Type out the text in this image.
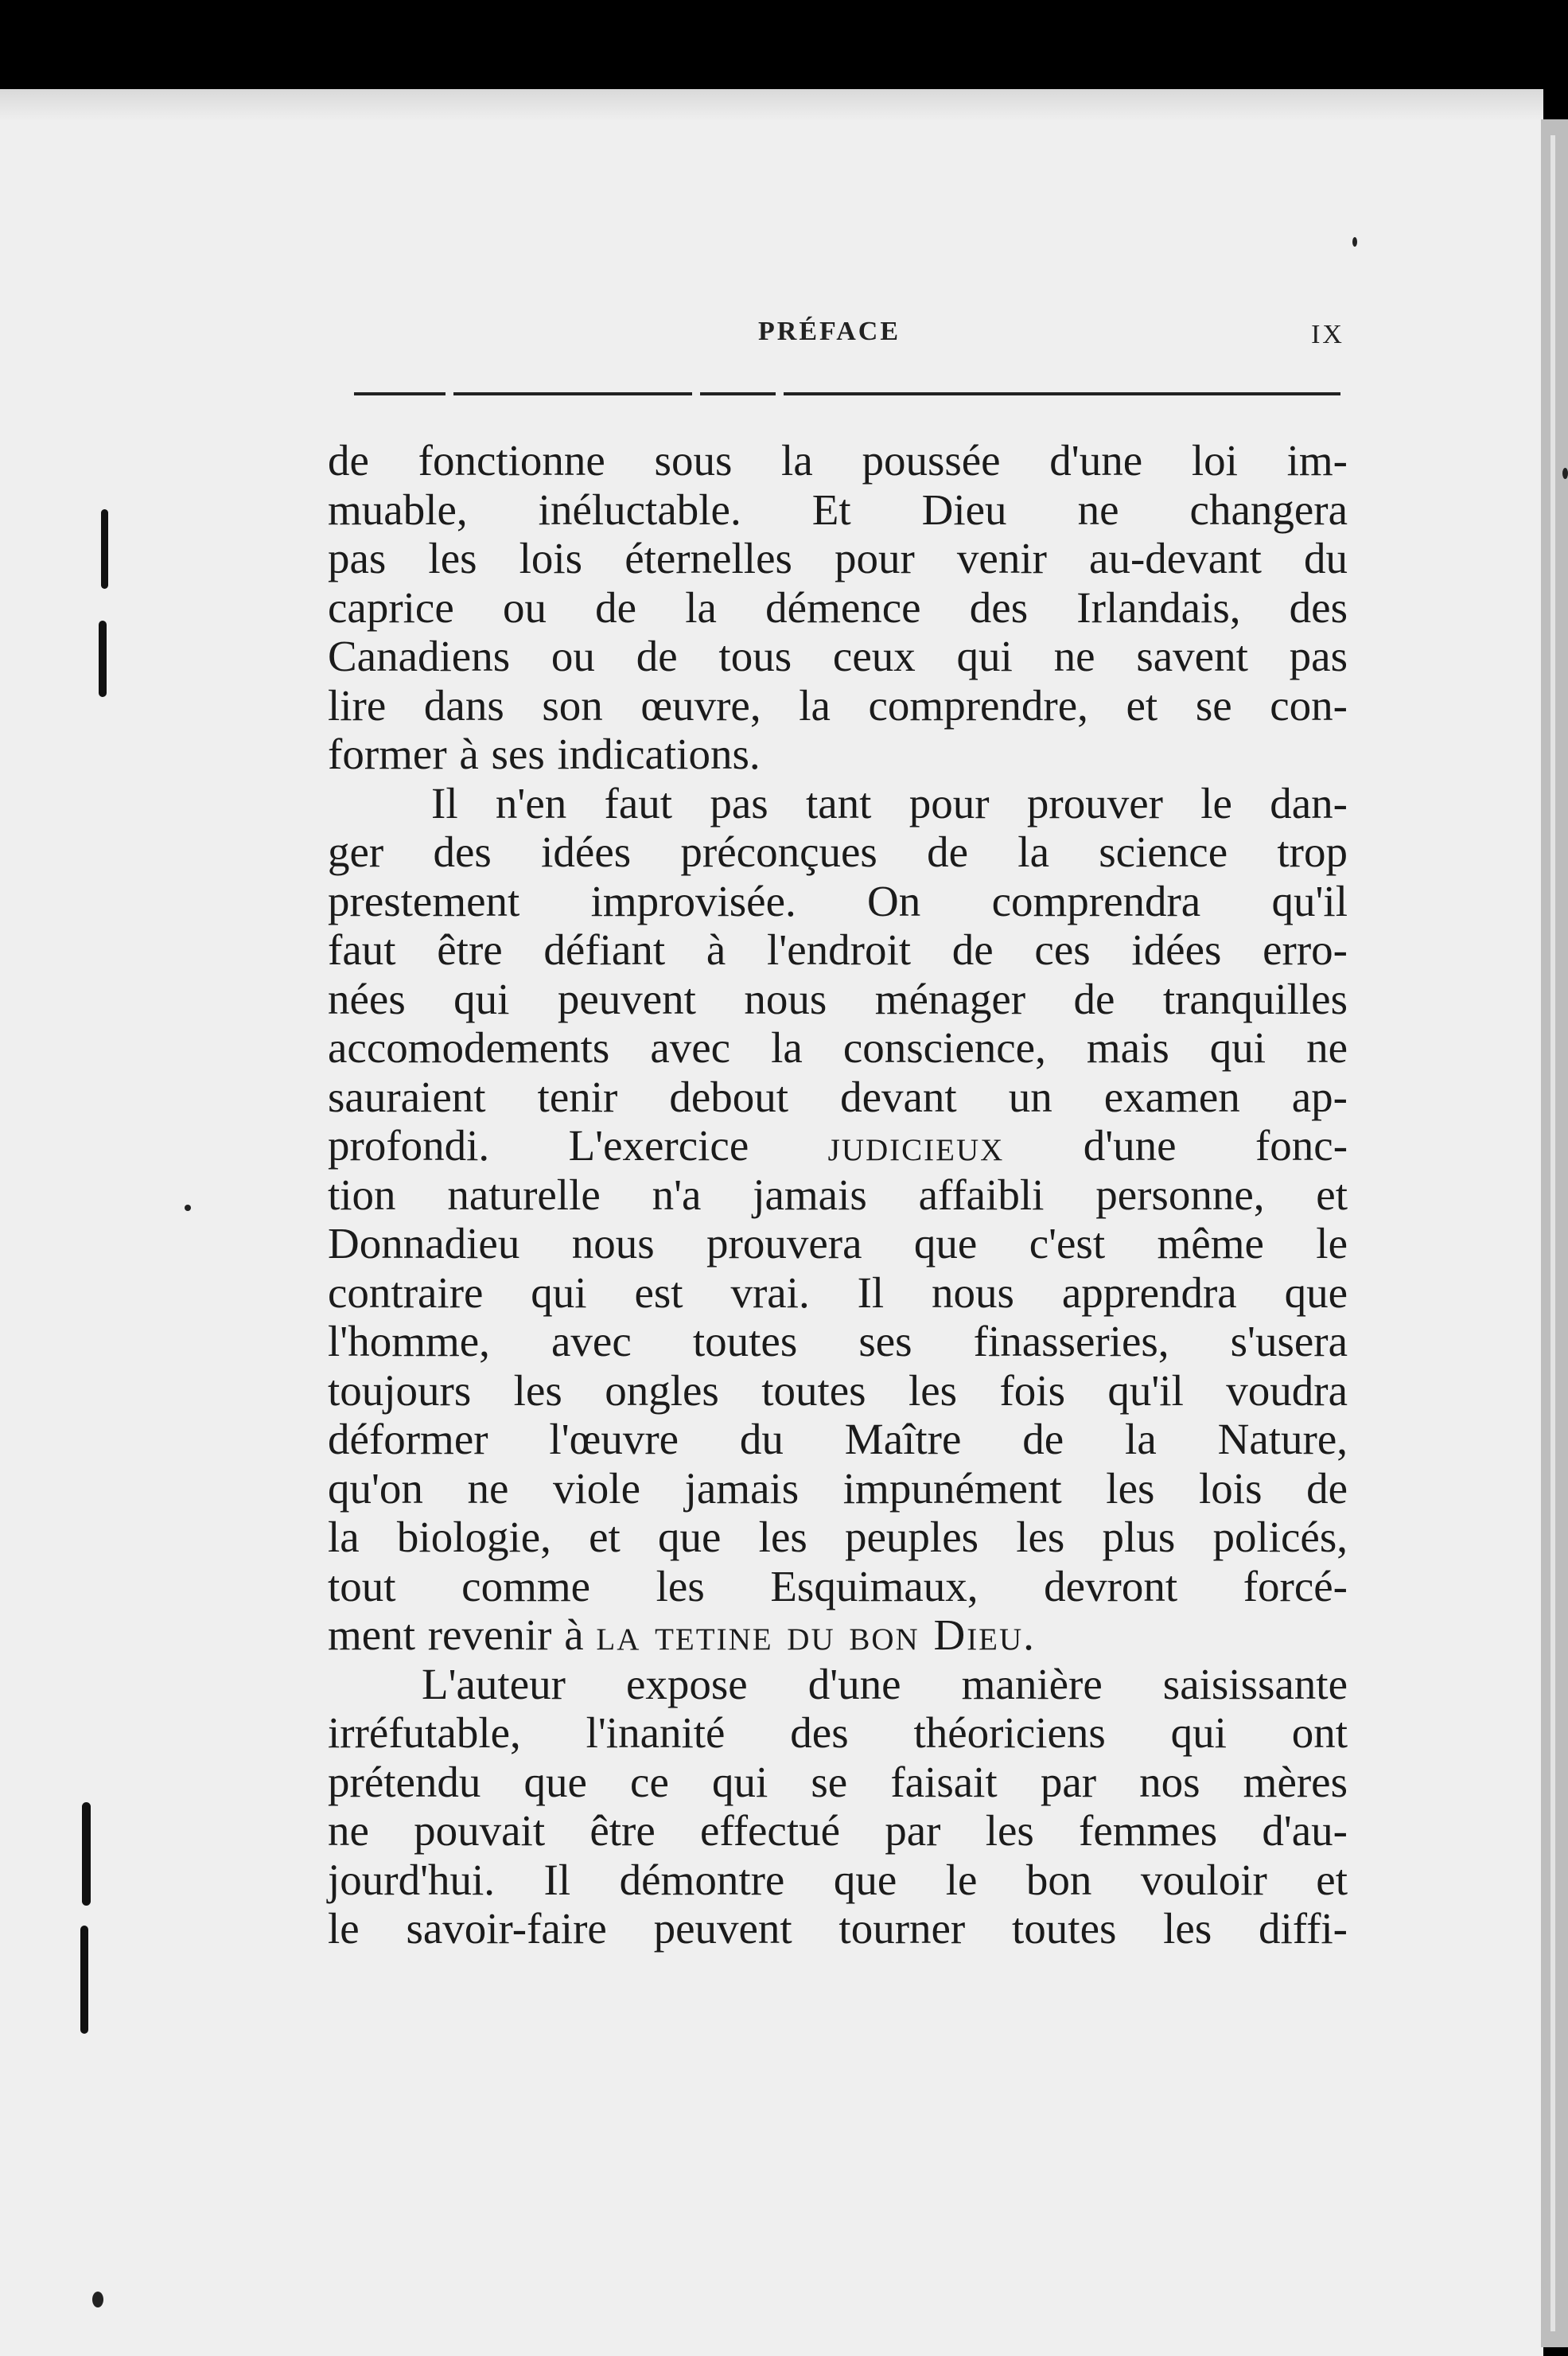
PRÉFACE	IX
de fonctionne sous la poussée d'une loi im-
muable, inéluctable. Et Dieu ne changera
pas les lois éternelles pour venir au-devant du
caprice ou de la démence des Irlandais, des
Canadiens ou de tous ceux qui ne savent pas
lire dans son œuvre, la comprendre, et se con-
former à ses indications.
Il n'en faut pas tant pour prouver le dan-
ger des idées préconçues de la science trop
prestement improvisée. On comprendra qu'il
faut être défiant à l'endroit de ces idées erro-
nées qui peuvent nous ménager de tranquilles
accomodements avec la conscience, mais qui ne
sauraient tenir debout devant un examen ap-
profondi. L'exercice judicieux d'une fonc-
tion naturelle n'a jamais affaibli personne, et
Donnadieu nous prouvera que c'est même le
contraire qui est vrai. Il nous apprendra que
l'homme, avec toutes ses finasseries, s'usera
toujours les ongles toutes les fois qu'il voudra
déformer l'œuvre du Maître de la Nature,
qu'on ne viole jamais impunément les lois de
la biologie, et que les peuples les plus policés,
tout comme les Esquimaux, devront forcé-
ment revenir à la tetine du bon Dieu.
L'auteur expose d'une manière saisissante
irréfutable, l'inanité des théoriciens qui ont
prétendu que ce qui se faisait par nos mères
ne pouvait être effectué par les femmes d'au-
jourd'hui. Il démontre que le bon vouloir et
le savoir-faire peuvent tourner toutes les diffi-
